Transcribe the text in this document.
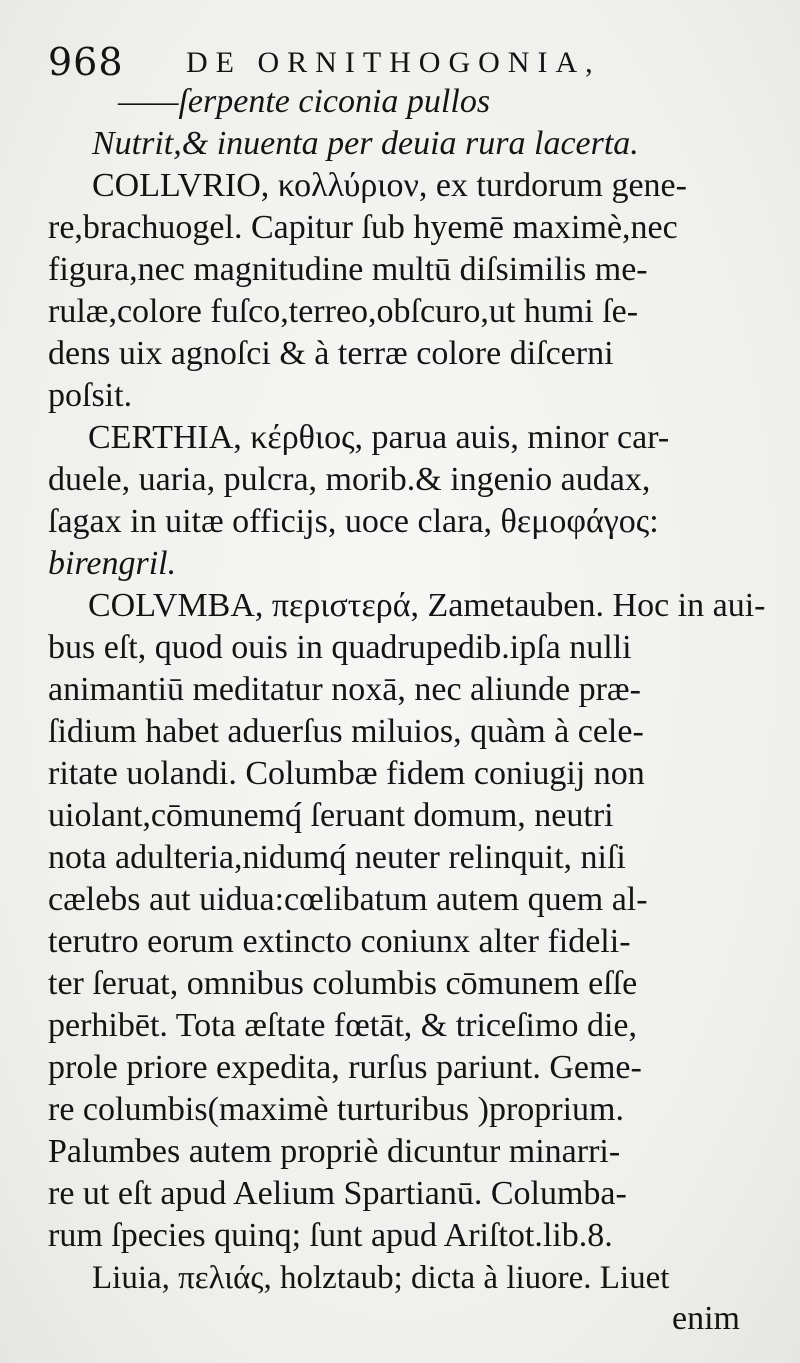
968 DE ORNITHOGONIA,
——ſerpente ciconia pullos
Nutrit,& inuenta per deuia rura lacerta.
COLLVRIO, κολλύριον, ex turdorum gene-
re,brachuogel. Capitur ſub hyemē maximè,nec
figura,nec magnitudine multū diſsimilis me-
rulæ,colore fuſco,terreo,obſcuro,ut humi ſe-
dens uix agnoſci & à terræ colore diſcerni
poſsit.
CERTHIA, κέρθιος, parua auis, minor car-
duele, uaria, pulcra, morib.& ingenio audax,
ſagax in uitæ officijs, uoce clara, θεμοφάγος:
birengril.
COLVMBA, περιστερά, Zametauben. Hoc in aui-
bus eſt, quod ouis in quadrupedib.ipſa nulli
animantiū meditatur noxā, nec aliunde præ-
ſidium habet aduerſus miluios, quàm à cele-
ritate uolandi. Columbæ fidem coniugij non
uiolant,cōmunemq́ ſeruant domum, neutri
nota adulteria,nidumq́ neuter relinquit, niſi
cælebs aut uidua:cœlibatum autem quem al-
terutro eorum extincto coniunx alter fideli-
ter ſeruat, omnibus columbis cōmunem eſſe
perhibēt. Tota æſtate fœtāt, & triceſimo die,
prole priore expedita, rurſus pariunt. Geme-
re columbis(maximè turturibus )proprium.
Palumbes autem propriè dicuntur minarri-
re ut eſt apud Aelium Spartianū. Columba-
rum ſpecies quinq; ſunt apud Ariſtot.lib.8.
Liuia, πελιάς, holztaub; dicta à liuore. Liuet
enim
